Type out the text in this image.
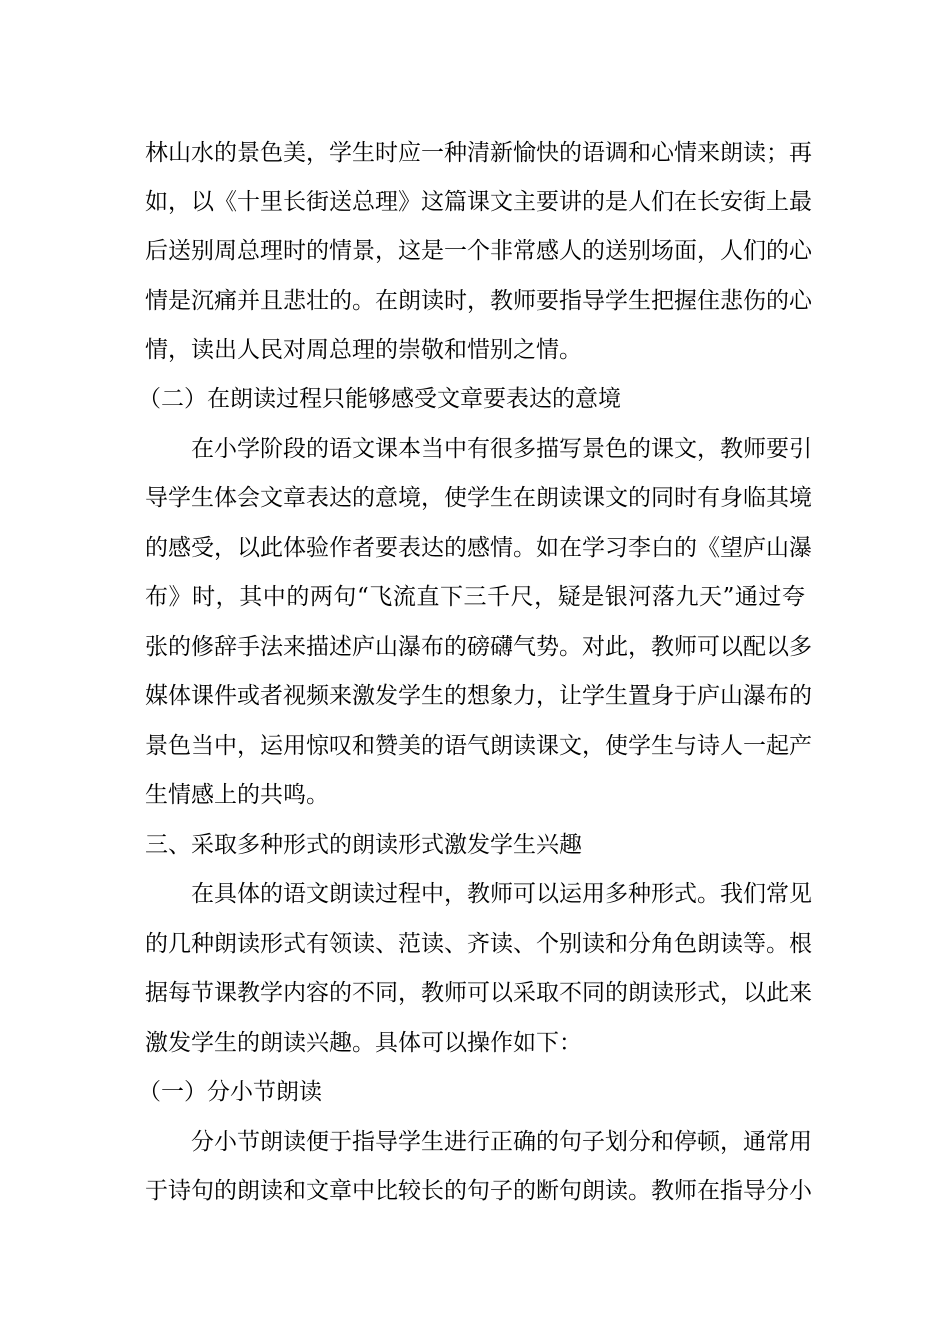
林山水的景色美，学生时应一种清新愉快的语调和心情来朗读；再
如，以《十里长街送总理》这篇课文主要讲的是人们在长安街上最
后送别周总理时的情景，这是一个非常感人的送别场面，人们的心
情是沉痛并且悲壮的。在朗读时，教师要指导学生把握住悲伤的心
情，读出人民对周总理的崇敬和惜别之情。
（二）在朗读过程只能够感受文章要表达的意境
在小学阶段的语文课本当中有很多描写景色的课文，教师要引
导学生体会文章表达的意境，使学生在朗读课文的同时有身临其境
的感受，以此体验作者要表达的感情。如在学习李白的《望庐山瀑
布》时，其中的两句“飞流直下三千尺，疑是银河落九天”通过夸
张的修辞手法来描述庐山瀑布的磅礴气势。对此，教师可以配以多
媒体课件或者视频来激发学生的想象力，让学生置身于庐山瀑布的
景色当中，运用惊叹和赞美的语气朗读课文，使学生与诗人一起产
生情感上的共鸣。
三、采取多种形式的朗读形式激发学生兴趣
在具体的语文朗读过程中，教师可以运用多种形式。我们常见
的几种朗读形式有领读、范读、齐读、个别读和分角色朗读等。根
据每节课教学内容的不同，教师可以采取不同的朗读形式，以此来
激发学生的朗读兴趣。具体可以操作如下：
（一）分小节朗读
分小节朗读便于指导学生进行正确的句子划分和停顿，通常用
于诗句的朗读和文章中比较长的句子的断句朗读。教师在指导分小
